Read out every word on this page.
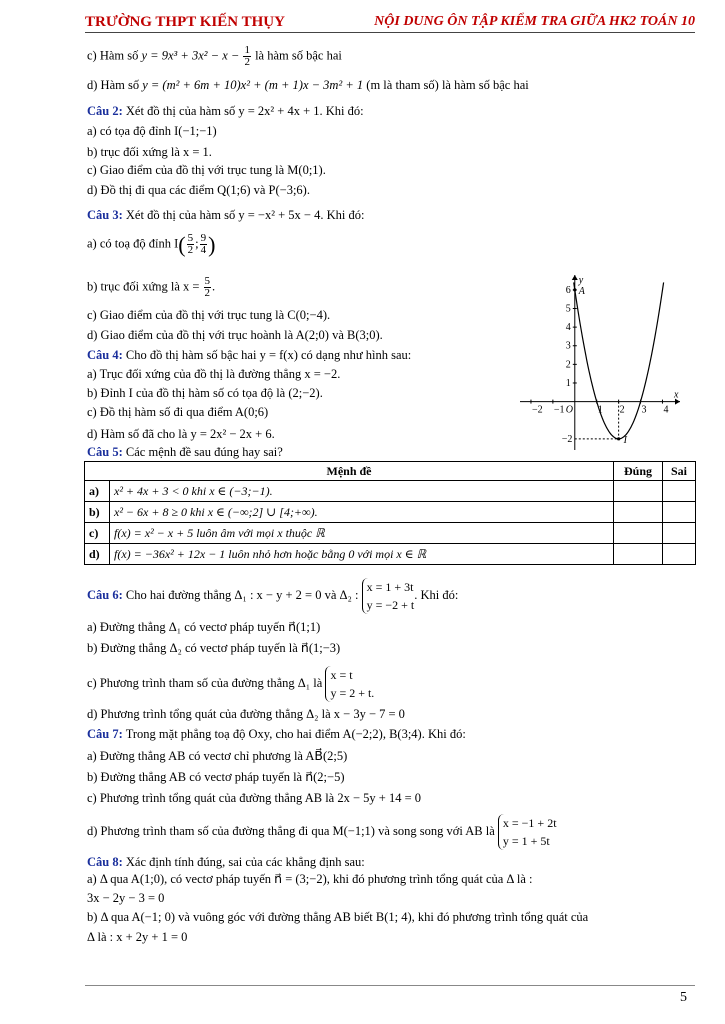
TRƯỜNG THPT KIẾN THỤY	NỘI DUNG ÔN TẬP KIỂM TRA GIỮA HK2 TOÁN 10
c) Hàm số $y = 9x^3 + 3x^2 - x - \frac{1}{2}$ là hàm số bậc hai
d) Hàm số y = (m² + 6m + 10)x² + (m + 1)x − 3m² + 1 (m là tham số) là hàm số bậc hai
Câu 2: Xét đồ thị của hàm số y = 2x² + 4x + 1. Khi đó:
a) có tọa độ đỉnh I(−1;−1)
b) trục đối xứng là x = 1.
c) Giao điểm của đồ thị với trục tung là M(0;1).
d) Đồ thị đi qua các điểm Q(1;6) và P(−3;6).
Câu 3: Xét đồ thị của hàm số y = −x² + 5x − 4. Khi đó:
a) có toạ độ đỉnh $I( \frac{5}{2}$ ; $\frac{9}{4}$ )
b) trục đối xứng là $x = \frac{5}{2}$ .
c) Giao điểm của đồ thị với trục tung là C(0;−4).
d) Giao điểm của đồ thị với trục hoành là A(2;0) và B(3;0).
Câu 4: Cho đồ thị hàm số bậc hai y = f(x) có dạng như hình sau:
a) Trục đối xứng của đồ thị là đường thẳng x = −2.
b) Đỉnh I của đồ thị hàm số có tọa độ là (2;−2).
c) Đồ thị hàm số đi qua điểm A(0;6)
d) Hàm số đã cho là y = 2x² − 2x + 6.
Câu 5: Các mệnh đề sau đúng hay sai?
Mệnh đề		Đúng	Sai
a)	x² + 4x + 3 < 0 khi x ∈ (−3;−1).		
b)	x² − 6x + 8 ≥ 0 khi x ∈ (−∞;2] ∪ [4;+∞).		
c)	f(x) = x² − x + 5 luôn âm với mọi x thuộc ℝ		
d)	f(x) = −36x² + 12x − 1 luôn nhỏ hơn hoặc bằng 0 với mọi x ∈ ℝ		
Câu 6: Cho hai đường thẳng Δ₁ : x − y + 2 = 0 và Δ₂ : x = 1 + 3t
y = −2 + t. Khi đó:
a) Đường thẳng Δ₁ có vectơ pháp tuyến n⃗(1;1)
b) Đường thẳng Δ₂ có vectơ pháp tuyến là n⃗(1;−3)
c) Phương trình tham số của đường thẳng Δ₁ là x = t
y = 2 + t.
d) Phương trình tổng quát của đường thẳng Δ₂ là x − 3y − 7 = 0
Câu 7: Trong mặt phẳng toạ độ Oxy, cho hai điểm A(−2;2), B(3;4). Khi đó:
a) Đường thẳng AB có vectơ chỉ phương là AB⃗(2;5)
b) Đường thẳng AB có vectơ pháp tuyến là n⃗(2;−5)
c) Phương trình tổng quát của đường thẳng AB là 2x − 5y + 14 = 0
d) Phương trình tham số của đường thẳng đi qua M(−1;1) và song song với AB là x = −1 + 2t
y = 1 + 5t
Câu 8: Xác định tính đúng, sai của các khẳng định sau:
a) Δ qua A(1;0), có vectơ pháp tuyến n⃗ = (3;−2), khi đó phương trình tổng quát của Δ là :
3x − 2y − 3 = 0
b) Δ qua A(−1; 0) và vuông góc với đường thẳng AB biết B(1; 4), khi đó phương trình tổng quát của
Δ là : x + 2y + 1 = 0
x
y
−2 −1 O 1 2 3 4
1
2
3
4
5
6
−2
A
I
5
